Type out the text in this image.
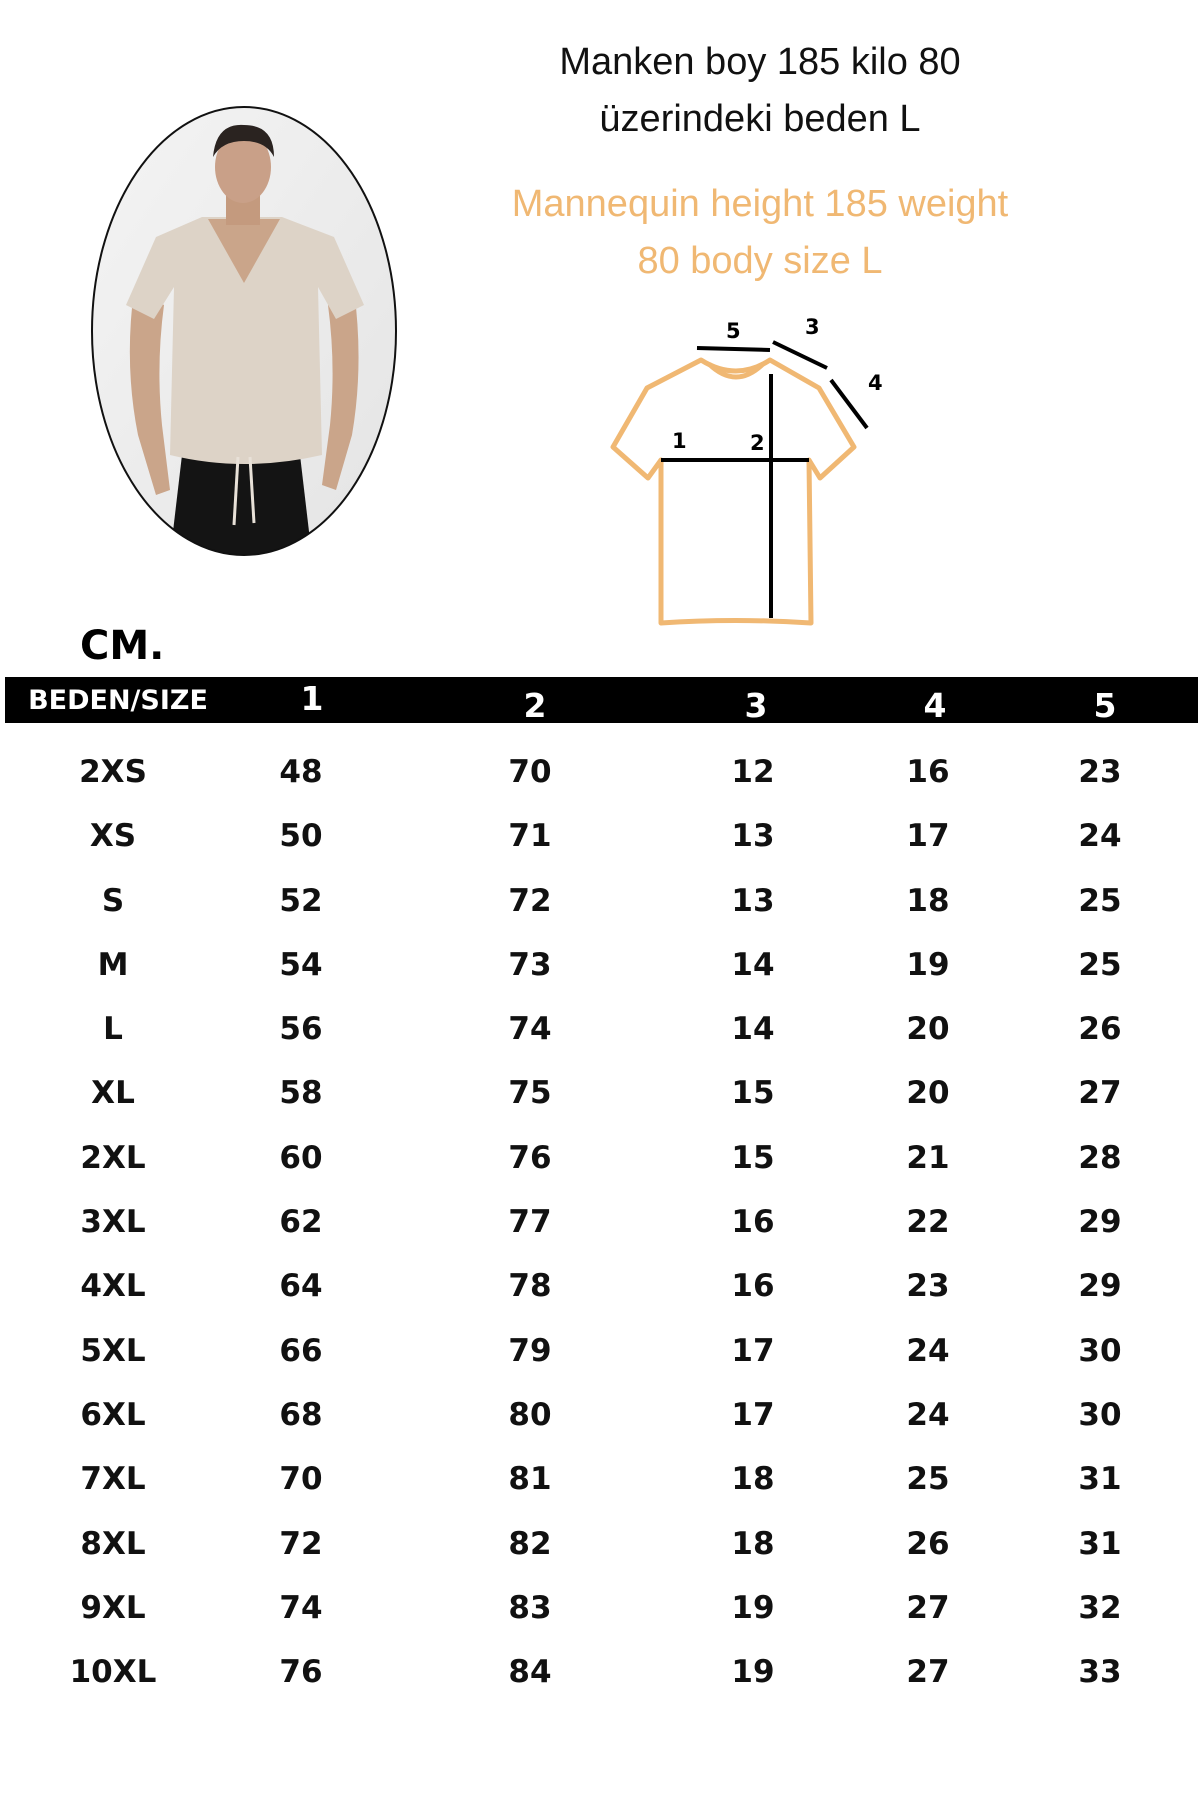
Manken boy 185 kilo 80
üzerindeki beden L
Mannequin height 185 weight
80 body size L
1	2
3
4
5
CM.
BEDEN/SIZE	1	2	3	4	5
2XS	48	70	12	16	23
XS	50	71	13	17	24
S	52	72	13	18	25
M	54	73	14	19	25
L	56	74	14	20	26
XL	58	75	15	20	27
2XL	60	76	15	21	28
3XL	62	77	16	22	29
4XL	64	78	16	23	29
5XL	66	79	17	24	30
6XL	68	80	17	24	30
7XL	70	81	18	25	31
8XL	72	82	18	26	31
9XL	74	83	19	27	32
10XL	76	84	19	27	33
